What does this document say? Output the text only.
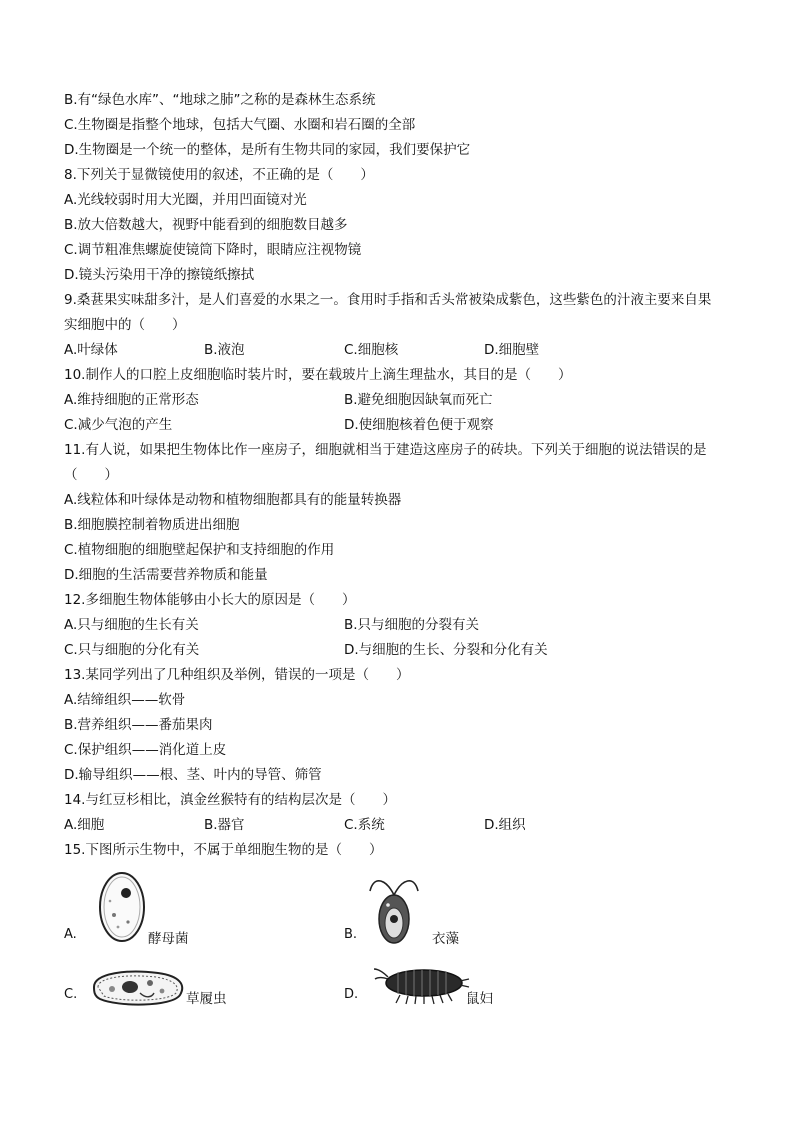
B.有“绿色水库”、“地球之肺”之称的是森林生态系统
C.生物圈是指整个地球，包括大气圈、水圈和岩石圈的全部
D.生物圈是一个统一的整体，是所有生物共同的家园，我们要保护它
8.下列关于显微镜使用的叙述，不正确的是（　　）
A.光线较弱时用大光圈，并用凹面镜对光
B.放大倍数越大，视野中能看到的细胞数目越多
C.调节粗准焦螺旋使镜筒下降时，眼睛应注视物镜
D.镜头污染用干净的擦镜纸擦拭
9.桑葚果实味甜多汁，是人们喜爱的水果之一。食用时手指和舌头常被染成紫色，这些紫色的汁液主要来自果
实细胞中的（　　）
A.叶绿体	B.液泡	C.细胞核	D.细胞壁
10.制作人的口腔上皮细胞临时装片时，要在载玻片上滴生理盐水，其目的是（　　）
A.维持细胞的正常形态	B.避免细胞因缺氧而死亡
C.减少气泡的产生	D.使细胞核着色便于观察
11.有人说，如果把生物体比作一座房子，细胞就相当于建造这座房子的砖块。下列关于细胞的说法错误的是
（　　）
A.线粒体和叶绿体是动物和植物细胞都具有的能量转换器
B.细胞膜控制着物质进出细胞
C.植物细胞的细胞壁起保护和支持细胞的作用
D.细胞的生活需要营养物质和能量
12.多细胞生物体能够由小长大的原因是（　　）
A.只与细胞的生长有关	B.只与细胞的分裂有关
C.只与细胞的分化有关	D.与细胞的生长、分裂和分化有关
13.某同学列出了几种组织及举例，错误的一项是（　　）
A.结缔组织——软骨
B.营养组织——番茄果肉
C.保护组织——消化道上皮
D.输导组织——根、茎、叶内的导管、筛管
14.与红豆杉相比，滇金丝猴特有的结构层次是（　　）
A.细胞	B.器官	C.系统	D.组织
15.下图所示生物中，不属于单细胞生物的是（　　）
A.	酵母菌	B.	衣藻
C.	草履虫	D.	鼠妇
